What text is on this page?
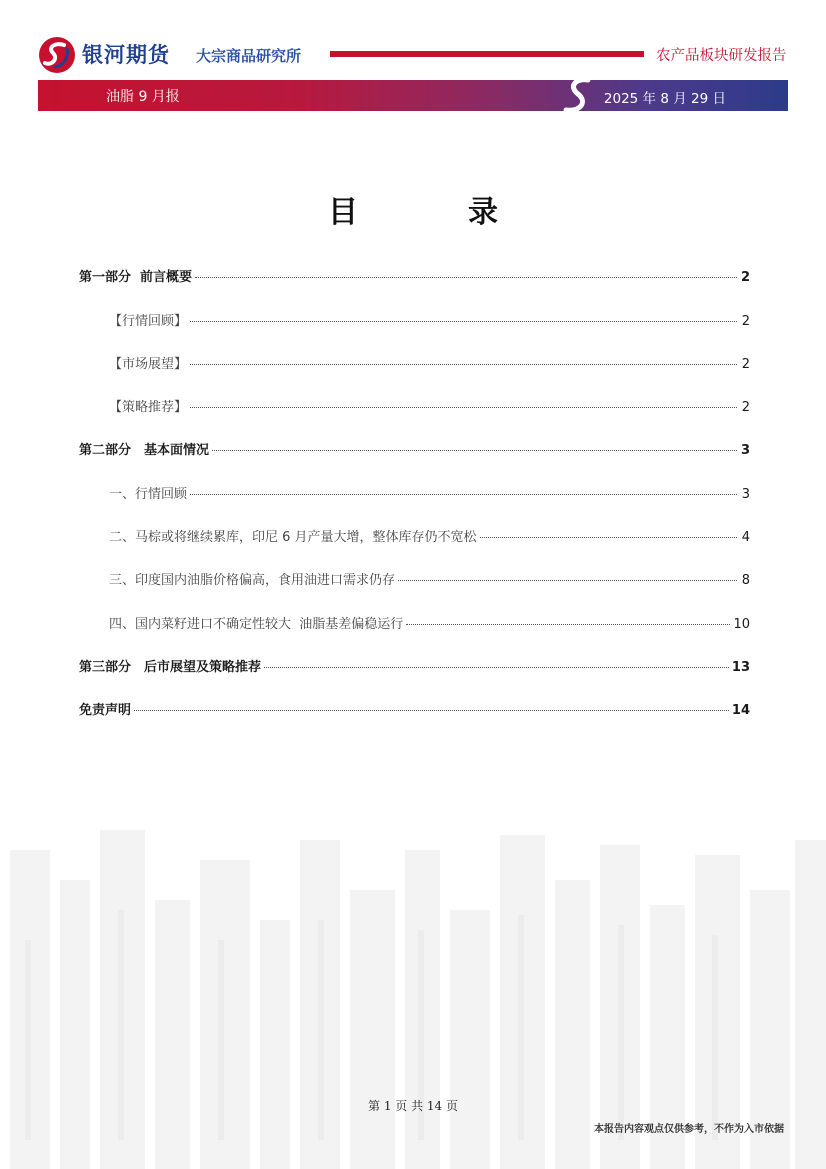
银河期货 大宗商品研究所	农产品板块研发报告
油脂 9 月报	2025 年 8 月 29 日
目　录
第一部分  前言概要	2
【行情回顾】	2
【市场展望】	2
【策略推荐】	2
第二部分　基本面情况	3
一、行情回顾	3
二、马棕或将继续累库，印尼 6 月产量大增，整体库存仍不宽松	4
三、印度国内油脂价格偏高，食用油进口需求仍存	8
四、国内菜籽进口不确定性较大  油脂基差偏稳运行	10
第三部分　后市展望及策略推荐	13
免责声明	14
第 1 页 共 14 页
本报告内容观点仅供参考，不作为入市依据
